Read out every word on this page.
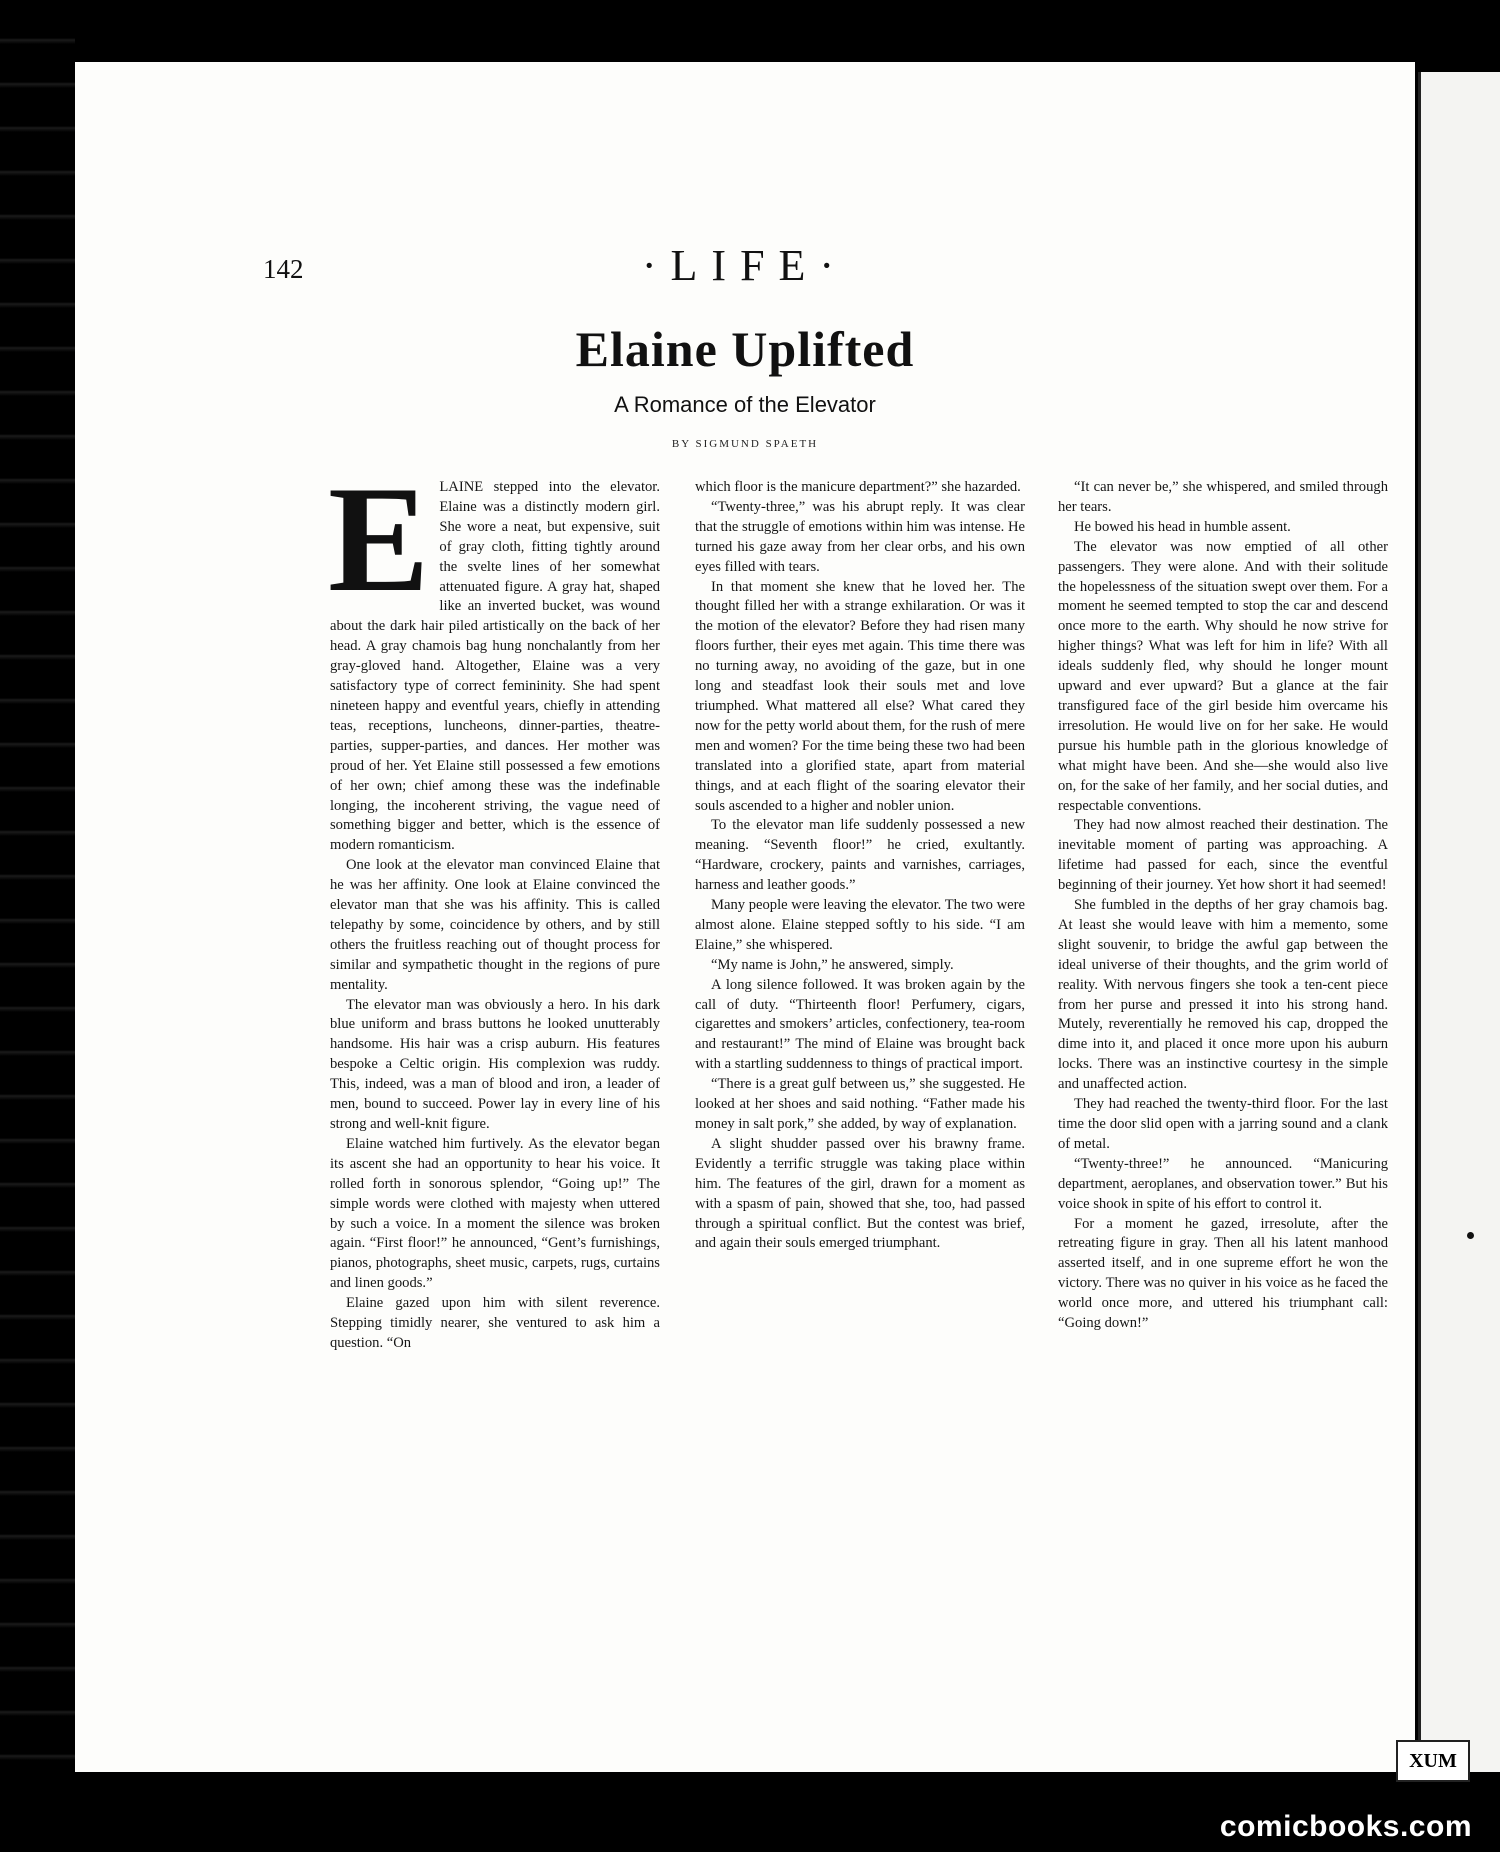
142	·LIFE·
Elaine Uplifted
A Romance of the Elevator
BY SIGMUND SPAETH
E LAINE stepped into the elevator. Elaine was a distinctly modern girl. She wore a neat, but expensive, suit of gray cloth, fitting tightly around the svelte lines of her somewhat attenuated figure. A gray hat, shaped like an inverted bucket, was wound about the dark hair piled artistically on the back of her head. A gray chamois bag hung nonchalantly from her gray-gloved hand. Altogether, Elaine was a very satisfactory type of correct femininity. She had spent nineteen happy and eventful years, chiefly in attending teas, receptions, luncheons, dinner-parties, theatre-parties, supper-parties, and dances. Her mother was proud of her. Yet Elaine still possessed a few emotions of her own; chief among these was the indefinable longing, the incoherent striving, the vague need of something bigger and better, which is the essence of modern romanticism.

One look at the elevator man convinced Elaine that he was her affinity. One look at Elaine convinced the elevator man that she was his affinity. This is called telepathy by some, coincidence by others, and by still others the fruitless reaching out of thought process for similar and sympathetic thought in the regions of pure mentality.

The elevator man was obviously a hero. In his dark blue uniform and brass buttons he looked unutterably handsome. His hair was a crisp auburn. His features bespoke a Celtic origin. His complexion was ruddy. This, indeed, was a man of blood and iron, a leader of men, bound to succeed. Power lay in every line of his strong and well-knit figure.

Elaine watched him furtively. As the elevator began its ascent she had an opportunity to hear his voice. It rolled forth in sonorous splendor, “Going up!” The simple words were clothed with majesty when uttered by such a voice. In a moment the silence was broken again. “First floor!” he announced, “Gent’s furnishings, pianos, photographs, sheet music, carpets, rugs, curtains and linen goods.”

Elaine gazed upon him with silent reverence. Stepping timidly nearer, she ventured to ask him a question. “On

which floor is the manicure department?” she hazarded.

“Twenty-three,” was his abrupt reply. It was clear that the struggle of emotions within him was intense. He turned his gaze away from her clear orbs, and his own eyes filled with tears.

In that moment she knew that he loved her. The thought filled her with a strange exhilaration. Or was it the motion of the elevator? Before they had risen many floors further, their eyes met again. This time there was no turning away, no avoiding of the gaze, but in one long and steadfast look their souls met and love triumphed. What mattered all else? What cared they now for the petty world about them, for the rush of mere men and women? For the time being these two had been translated into a glorified state, apart from material things, and at each flight of the soaring elevator their souls ascended to a higher and nobler union.

To the elevator man life suddenly possessed a new meaning. “Seventh floor!” he cried, exultantly. “Hardware, crockery, paints and varnishes, carriages, harness and leather goods.”

Many people were leaving the elevator. The two were almost alone. Elaine stepped softly to his side. “I am Elaine,” she whispered.

“My name is John,” he answered, simply.

A long silence followed. It was broken again by the call of duty. “Thirteenth floor! Perfumery, cigars, cigarettes and smokers’ articles, confectionery, tea-room and restaurant!” The mind of Elaine was brought back with a startling suddenness to things of practical import.

“There is a great gulf between us,” she suggested. He looked at her shoes and said nothing. “Father made his money in salt pork,” she added, by way of explanation.

A slight shudder passed over his brawny frame. Evidently a terrific struggle was taking place within him. The features of the girl, drawn for a moment as with a spasm of pain, showed that she, too, had passed through a spiritual conflict. But the contest was brief, and again their souls emerged triumphant.

“It can never be,” she whispered, and smiled through her tears.

He bowed his head in humble assent.

The elevator was now emptied of all other passengers. They were alone. And with their solitude the hopelessness of the situation swept over them. For a moment he seemed tempted to stop the car and descend once more to the earth. Why should he now strive for higher things? What was left for him in life? With all ideals suddenly fled, why should he longer mount upward and ever upward? But a glance at the fair transfigured face of the girl beside him overcame his irresolution. He would live on for her sake. He would pursue his humble path in the glorious knowledge of what might have been. And she—she would also live on, for the sake of her family, and her social duties, and respectable conventions.

They had now almost reached their destination. The inevitable moment of parting was approaching. A lifetime had passed for each, since the eventful beginning of their journey. Yet how short it had seemed!

She fumbled in the depths of her gray chamois bag. At least she would leave with him a memento, some slight souvenir, to bridge the awful gap between the ideal universe of their thoughts, and the grim world of reality. With nervous fingers she took a ten-cent piece from her purse and pressed it into his strong hand. Mutely, reverentially he removed his cap, dropped the dime into it, and placed it once more upon his auburn locks. There was an instinctive courtesy in the simple and unaffected action.

They had reached the twenty-third floor. For the last time the door slid open with a jarring sound and a clank of metal.

“Twenty-three!” he announced. “Manicuring department, aeroplanes, and observation tower.” But his voice shook in spite of his effort to control it.

For a moment he gazed, irresolute, after the retreating figure in gray. Then all his latent manhood asserted itself, and in one supreme effort he won the victory. There was no quiver in his voice as he faced the world once more, and uttered his triumphant call: “Going down!”

XUM
comicbooks.com
